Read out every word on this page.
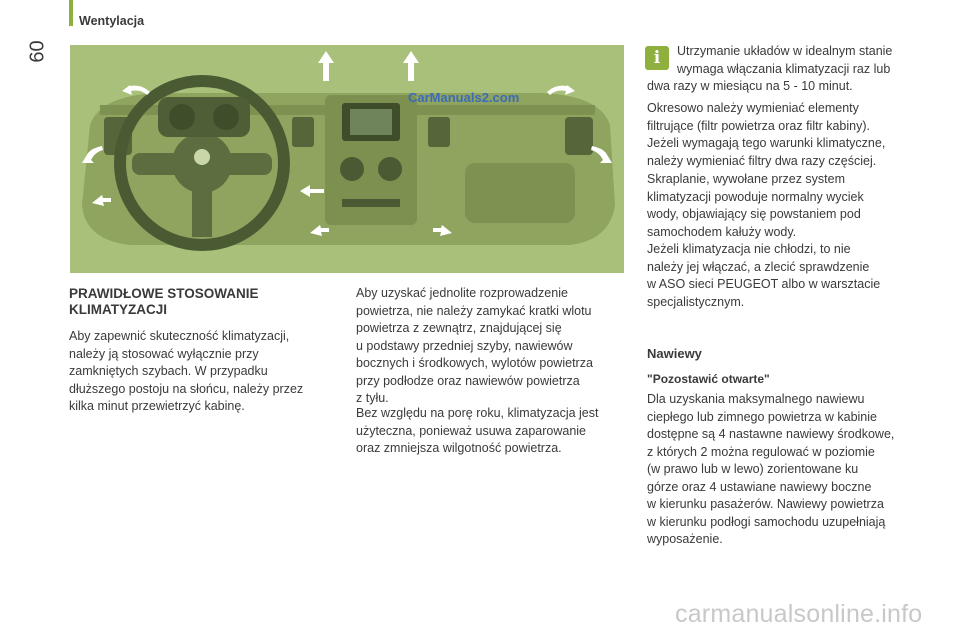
Wentylacja
60
CarManuals2.com
PRAWIDŁOWE STOSOWANIE
KLIMATYZACJI
Aby zapewnić skuteczność klimatyzacji,
należy ją stosować wyłącznie przy
zamkniętych szybach. W przypadku
dłuższego postoju na słońcu, należy przez
kilka minut przewietrzyć kabinę.
Aby uzyskać jednolite rozprowadzenie
powietrza, nie należy zamykać kratki wlotu
powietrza z zewnątrz, znajdującej się
u podstawy przedniej szyby, nawiewów
bocznych i środkowych, wylotów powietrza
przy podłodze oraz nawiewów powietrza
z tyłu.
Bez względu na porę roku, klimatyzacja jest
użyteczna, ponieważ usuwa zaparowanie
oraz zmniejsza wilgotność powietrza.
i	Utrzymanie układów w idealnym stanie
wymaga włączania klimatyzacji raz lub
dwa razy w miesiącu na 5 - 10 minut.
Okresowo należy wymieniać elementy
filtrujące (filtr powietrza oraz filtr kabiny).
Jeżeli wymagają tego warunki klimatyczne,
należy wymieniać filtry dwa razy częściej.
Skraplanie, wywołane przez system
klimatyzacji powoduje normalny wyciek
wody, objawiający się powstaniem pod
samochodem kałuży wody.
Jeżeli klimatyzacja nie chłodzi, to nie
należy jej włączać, a zlecić sprawdzenie
w ASO sieci PEUGEOT albo w warsztacie
specjalistycznym.
Nawiewy
"Pozostawić otwarte"
Dla uzyskania maksymalnego nawiewu
ciepłego lub zimnego powietrza w kabinie
dostępne są 4 nastawne nawiewy środkowe,
z których 2 można regulować w poziomie
(w prawo lub w lewo) zorientowane ku
górze oraz 4 ustawiane nawiewy boczne
w kierunku pasażerów. Nawiewy powietrza
w kierunku podłogi samochodu uzupełniają
wyposażenie.
carmanualsonline.info
